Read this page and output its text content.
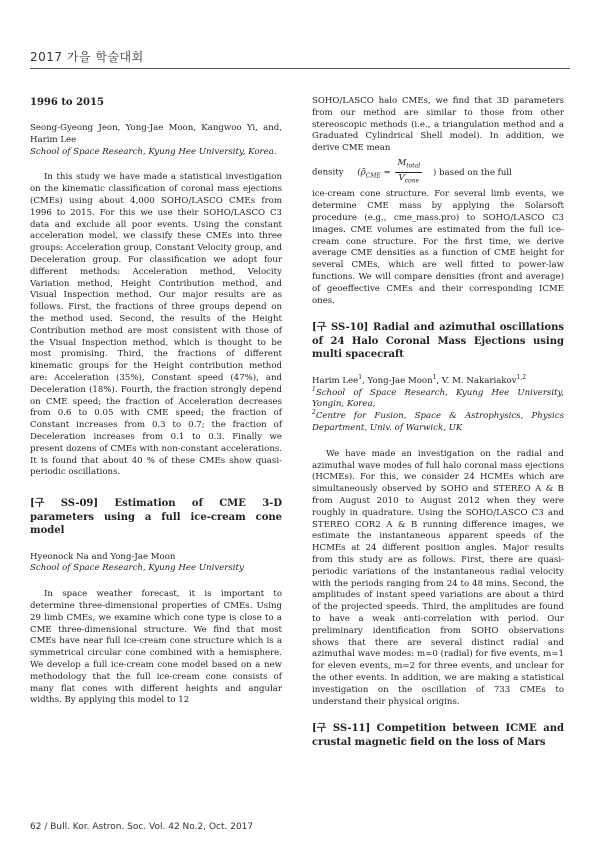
2017 가을 학술대회

1996 to 2015

Seong-Gyeong Jeon, Yong-Jae Moon, Kangwoo Yi, and, Harim Lee

School of Space Research, Kyung Hee University, Korea.

In this study we have made a statistical investigation on the kinematic classification of coronal mass ejections (CMEs) using about 4,000 SOHO/LASCO CMEs from 1996 to 2015. For this we use their SOHO/LASCO C3 data and exclude all poor events. Using the constant acceleration model, we classify these CMEs into three groups: Acceleration group, Constant Velocity group, and Deceleration group. For classification we adopt four different methods: Acceleration method, Velocity Variation method, Height Contribution method, and Visual Inspection method. Our major results are as follows. First, the fractions of three groups depend on the method used. Second, the results of the Height Contribution method are most consistent with those of the Visual Inspection method, which is thought to be most promising. Third, the fractions of different kinematic groups for the Height contribution method are: Acceleration (35%), Constant speed (47%), and Deceleration (18%). Fourth, the fraction strongly depend on CME speed; the fraction of Acceleration decreases from 0.6 to 0.05 with CME speed; the fraction of Constant increases from 0.3 to 0.7; the fraction of Deceleration increases from 0.1 to 0.3. Finally we present dozens of CMEs with non-constant accelerations. It is found that about 40 % of these CMEs show quasi-periodic oscillations.

[구 SS-09] Estimation of CME 3-D parameters using a full ice-cream cone model

Hyeonock Na and Yong-Jae Moon

School of Space Research, Kyung Hee University

In space weather forecast, it is important to determine three-dimensional properties of CMEs. Using 29 limb CMEs, we examine which cone type is close to a CME three-dimensional structure. We find that most CMEs have near full ice-cream cone structure which is a symmetrical circular cone combined with a hemisphere. We develop a full ice-cream cone model based on a new methodology that the full ice-cream cone consists of many flat cones with different heights and angular widths. By applying this model to 12

SOHO/LASCO halo CMEs, we find that 3D parameters from our method are similar to those from other stereoscopic methods (i.e., a triangulation method and a Graduated Cylindrical Shell model). In addition, we derive CME mean

density ($\rhō_{CME} = \frac{M_{total}}{V_{cone}}$ ) based on the full

ice-cream cone structure. For several limb events, we determine CME mass by applying the Solarsoft procedure (e.g., cme_mass.pro) to SOHO/LASCO C3 images. CME volumes are estimated from the full ice-cream cone structure. For the first time, we derive average CME densities as a function of CME height for several CMEs, which are well fitted to power-law functions. We will compare densities (front and average) of geoeffective CMEs and their corresponding ICME ones.

[구 SS-10] Radial and azimuthal oscillations of 24 Halo Coronal Mass Ejections using multi spacecraft

Harim Lee$^1$, Yong-Jae Moon$^1$, V. M. Nakariakov$^{1,2}$

$^1$School of Space Research, Kyung Hee University, Yongin, Korea,

$^2$Centre for Fusion, Space & Astrophysics, Physics Department, Univ. of Warwick, UK

We have made an investigation on the radial and azimuthal wave modes of full halo coronal mass ejections (HCMEs). For this, we consider 24 HCMEs which are simultaneously observed by SOHO and STEREO A & B from August 2010 to August 2012 when they were roughly in quadrature. Using the SOHO/LASCO C3 and STEREO COR2 A & B running difference images, we estimate the instantaneous apparent speeds of the HCMEs at 24 different position angles. Major results from this study are as follows. First, there are quasi-periodic variations of the instantaneous radial velocity with the periods ranging from 24 to 48 mins. Second, the amplitudes of instant speed variations are about a third of the projected speeds. Third, the amplitudes are found to have a weak anti-correlation with period. Our preliminary identification from SOHO observations shows that there are several distinct radial and azimuthal wave modes: m=0 (radial) for five events, m=1 for eleven events, m=2 for three events, and unclear for the other events. In addition, we are making a statistical investigation on the oscillation of 733 CMEs to understand their physical origins.

[구 SS-11] Competition between ICME and crustal magnetic field on the loss of Mars

62 / Bull. Kor. Astron. Soc. Vol. 42 No.2, Oct. 2017
